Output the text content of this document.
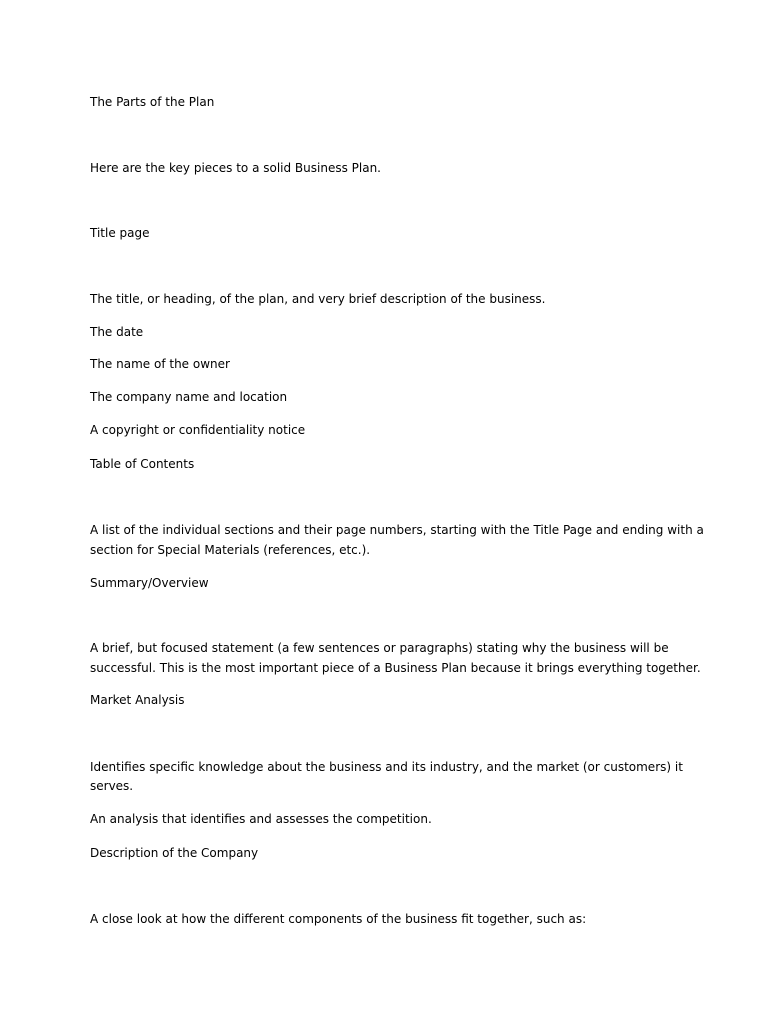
The Parts of the Plan

Here are the key pieces to a solid Business Plan.

Title page

The title, or heading, of the plan, and very brief description of the business.

The date

The name of the owner

The company name and location

A copyright or confidentiality notice

Table of Contents

A list of the individual sections and their page numbers, starting with the Title Page and ending with a

section for Special Materials (references, etc.).

Summary/Overview

A brief, but focused statement (a few sentences or paragraphs) stating why the business will be

successful. This is the most important piece of a Business Plan because it brings everything together.

Market Analysis

Identifies specific knowledge about the business and its industry, and the market (or customers) it

serves.

An analysis that identifies and assesses the competition.

Description of the Company

A close look at how the different components of the business fit together, such as:
